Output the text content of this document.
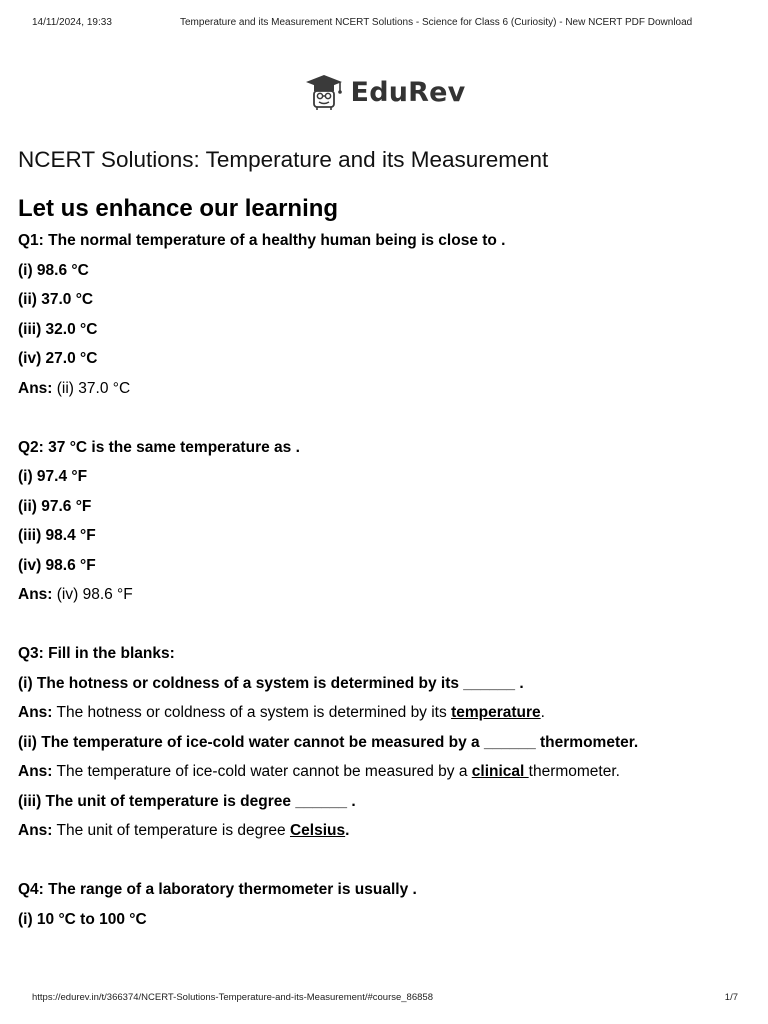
14/11/2024, 19:33	Temperature and its Measurement NCERT Solutions - Science for Class 6 (Curiosity) - New NCERT PDF Download
EduRev
NCERT Solutions: Temperature and its Measurement
Let us enhance our learning
Q1: The normal temperature of a healthy human being is close to .
(i) 98.6 °C
(ii) 37.0 °C
(iii) 32.0 °C
(iv) 27.0 °C
Ans: (ii) 37.0 °C
Q2: 37 °C is the same temperature as .
(i) 97.4 °F
(ii) 97.6 °F
(iii) 98.4 °F
(iv) 98.6 °F
Ans: (iv) 98.6 °F
Q3: Fill in the blanks:
(i) The hotness or coldness of a system is determined by its ______ .
Ans: The hotness or coldness of a system is determined by its temperature.
(ii) The temperature of ice-cold water cannot be measured by a ______ thermometer.
Ans: The temperature of ice-cold water cannot be measured by a clinical thermometer.
(iii) The unit of temperature is degree ______ .
Ans: The unit of temperature is degree Celsius.
Q4: The range of a laboratory thermometer is usually .
(i) 10 °C to 100 °C
https://edurev.in/t/366374/NCERT-Solutions-Temperature-and-its-Measurement/#course_86858	1/7
